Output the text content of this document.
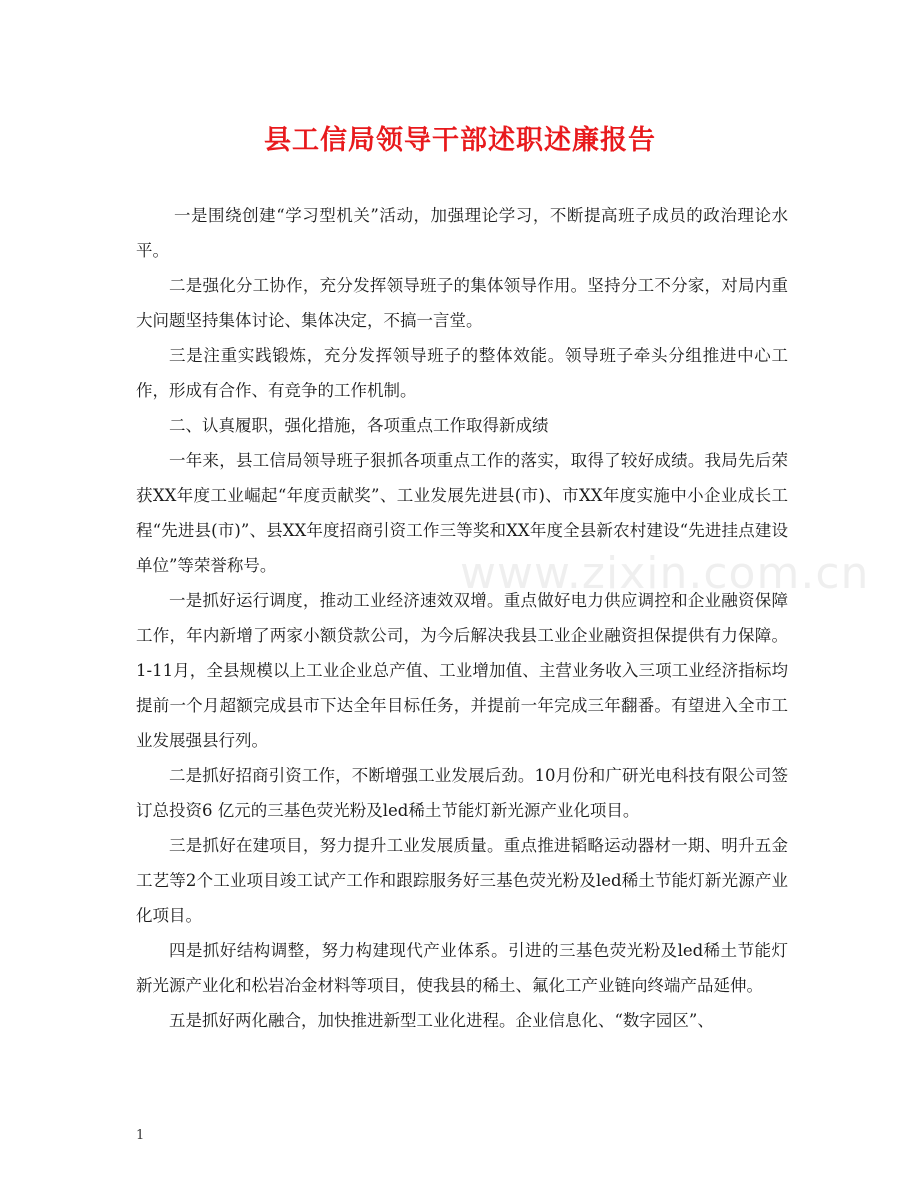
县工信局领导干部述职述廉报告

一是围绕创建“学习型机关”活动，加强理论学习，不断提高班子成员的政治理论水平。

二是强化分工协作，充分发挥领导班子的集体领导作用。坚持分工不分家，对局内重大问题坚持集体讨论、集体决定，不搞一言堂。

三是注重实践锻炼，充分发挥领导班子的整体效能。领导班子牵头分组推进中心工作，形成有合作、有竞争的工作机制。

二、认真履职，强化措施，各项重点工作取得新成绩

一年来，县工信局领导班子狠抓各项重点工作的落实，取得了较好成绩。我局先后荣获XX年度工业崛起“年度贡献奖”、工业发展先进县(市)、市XX年度实施中小企业成长工程“先进县(市)”、县XX年度招商引资工作三等奖和XX年度全县新农村建设“先进挂点建设单位”等荣誉称号。

一是抓好运行调度，推动工业经济速效双增。重点做好电力供应调控和企业融资保障工作，年内新增了两家小额贷款公司，为今后解决我县工业企业融资担保提供有力保障。1-11月，全县规模以上工业企业总产值、工业增加值、主营业务收入三项工业经济指标均提前一个月超额完成县市下达全年目标任务，并提前一年完成三年翻番。有望进入全市工业发展强县行列。

二是抓好招商引资工作，不断增强工业发展后劲。10月份和广研光电科技有限公司签订总投资6 亿元的三基色荧光粉及led稀土节能灯新光源产业化项目。

三是抓好在建项目，努力提升工业发展质量。重点推进韬略运动器材一期、明升五金工艺等2个工业项目竣工试产工作和跟踪服务好三基色荧光粉及led稀土节能灯新光源产业化项目。

四是抓好结构调整，努力构建现代产业体系。引进的三基色荧光粉及led稀土节能灯新光源产业化和松岩冶金材料等项目，使我县的稀土、氟化工产业链向终端产品延伸。

五是抓好两化融合，加快推进新型工业化进程。企业信息化、“数字园区”、

www.zixin.com.cn
1
